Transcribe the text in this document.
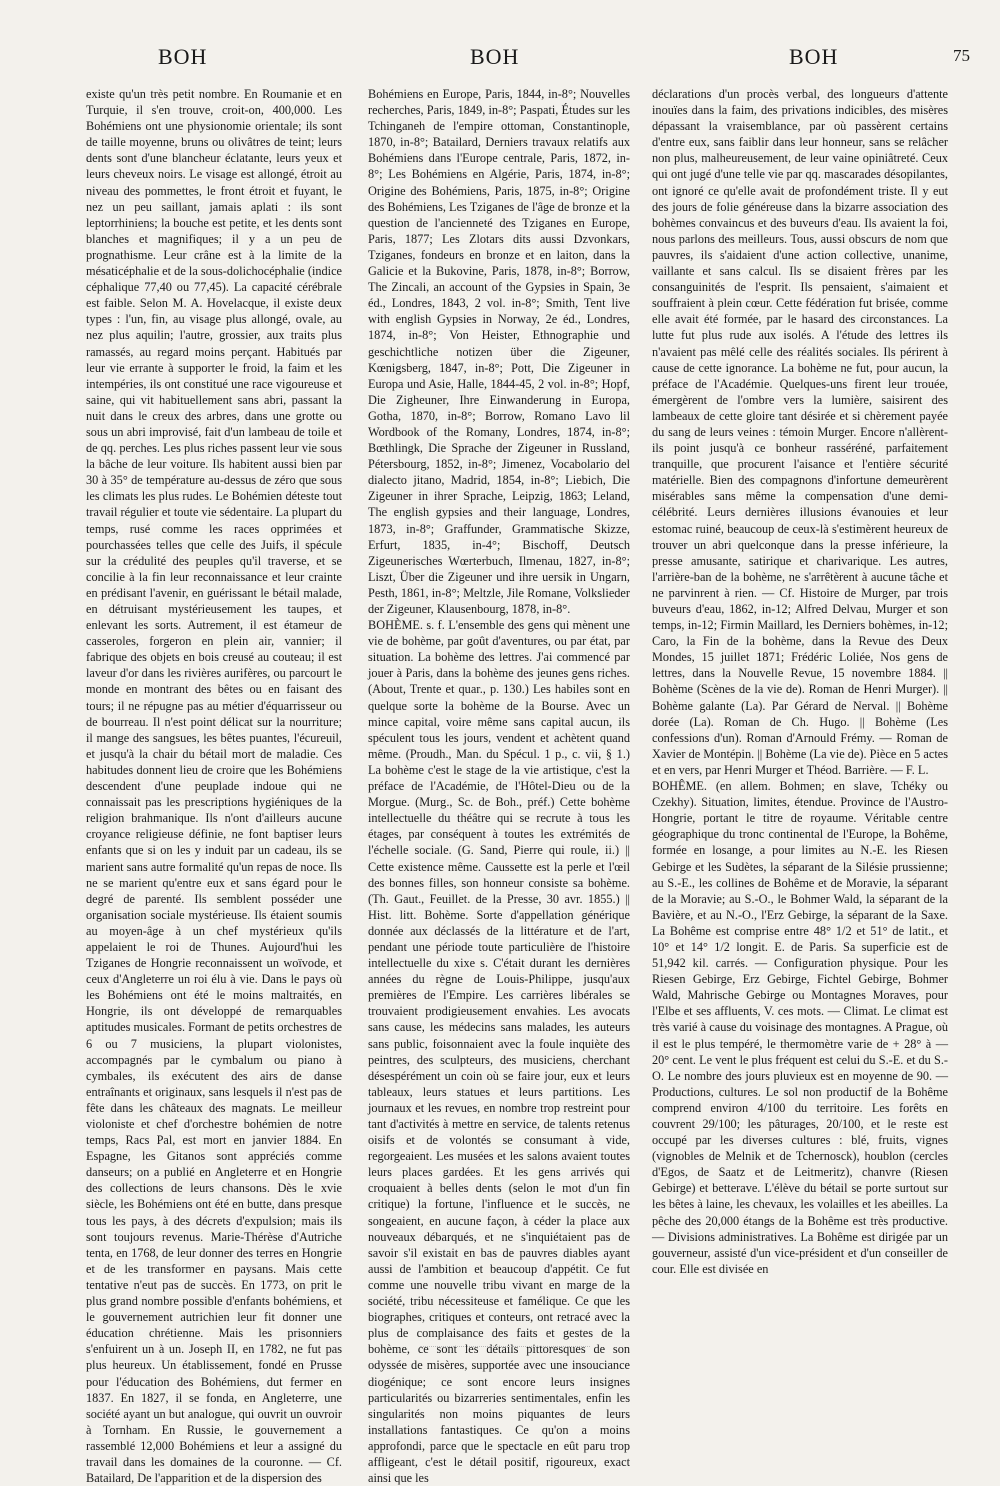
BOH	BOH	BOH	75

existe qu'un très petit nombre. En Roumanie et en Turquie, il s'en trouve, croit-on, 400,000. Les Bohémiens ont une physionomie orientale; ils sont de taille moyenne, bruns ou olivâtres de teint; leurs dents sont d'une blancheur éclatante, leurs yeux et leurs cheveux noirs. Le visage est allongé, étroit au niveau des pommettes, le front étroit et fuyant, le nez un peu saillant, jamais aplati : ils sont leptorrhiniens; la bouche est petite, et les dents sont blanches et magnifiques; il y a un peu de prognathisme. Leur crâne est à la limite de la mésaticéphalie et de la sous-dolichocéphalie (indice céphalique 77,40 ou 77,45). La capacité cérébrale est faible. Selon M. A. Hovelacque, il existe deux types : l'un, fin, au visage plus allongé, ovale, au nez plus aquilin; l'autre, grossier, aux traits plus ramassés, au regard moins perçant. Habitués par leur vie errante à supporter le froid, la faim et les intempéries, ils ont constitué une race vigoureuse et saine, qui vit habituellement sans abri, passant la nuit dans le creux des arbres, dans une grotte ou sous un abri improvisé, fait d'un lambeau de toile et de qq. perches. Les plus riches passent leur vie sous la bâche de leur voiture. Ils habitent aussi bien par 30 à 35° de température au-dessus de zéro que sous les climats les plus rudes. Le Bohémien déteste tout travail régulier et toute vie sédentaire. La plupart du temps, rusé comme les races opprimées et pourchassées telles que celle des Juifs, il spécule sur la crédulité des peuples qu'il traverse, et se concilie à la fin leur reconnaissance et leur crainte en prédisant l'avenir, en guérissant le bétail malade, en détruisant mystérieusement les taupes, et enlevant les sorts. Autrement, il est étameur de casseroles, forgeron en plein air, vannier; il fabrique des objets en bois creusé au couteau; il est laveur d'or dans les rivières aurifères, ou parcourt le monde en montrant des bêtes ou en faisant des tours; il ne répugne pas au métier d'équarrisseur ou de bourreau. Il n'est point délicat sur la nourriture; il mange des sangsues, les bêtes puantes, l'écureuil, et jusqu'à la chair du bétail mort de maladie. Ces habitudes donnent lieu de croire que les Bohémiens descendent d'une peuplade indoue qui ne connaissait pas les prescriptions hygiéniques de la religion brahmanique. Ils n'ont d'ailleurs aucune croyance religieuse définie, ne font baptiser leurs enfants que si on les y induit par un cadeau, ils se marient sans autre formalité qu'un repas de noce. Ils ne se marient qu'entre eux et sans égard pour le degré de parenté. Ils semblent posséder une organisation sociale mystérieuse. Ils étaient soumis au moyen-âge à un chef mystérieux qu'ils appelaient le roi de Thunes. Aujourd'hui les Tziganes de Hongrie reconnaissent un woïvode, et ceux d'Angleterre un roi élu à vie. Dans le pays où les Bohémiens ont été le moins maltraités, en Hongrie, ils ont développé de remarquables aptitudes musicales. Formant de petits orchestres de 6 ou 7 musiciens, la plupart violonistes, accompagnés par le cymbalum ou piano à cymbales, ils exécutent des airs de danse entraînants et originaux, sans lesquels il n'est pas de fête dans les châteaux des magnats. Le meilleur violoniste et chef d'orchestre bohémien de notre temps, Racs Pal, est mort en janvier 1884. En Espagne, les Gitanos sont appréciés comme danseurs; on a publié en Angleterre et en Hongrie des collections de leurs chansons. Dès le xvie siècle, les Bohémiens ont été en butte, dans presque tous les pays, à des décrets d'expulsion; mais ils sont toujours revenus. Marie-Thérèse d'Autriche tenta, en 1768, de leur donner des terres en Hongrie et de les transformer en paysans. Mais cette tentative n'eut pas de succès. En 1773, on prit le plus grand nombre possible d'enfants bohémiens, et le gouvernement autrichien leur fit donner une éducation chrétienne. Mais les prisonniers s'enfuirent un à un. Joseph II, en 1782, ne fut pas plus heureux. Un établissement, fondé en Prusse pour l'éducation des Bohémiens, dut fermer en 1837. En 1827, il se fonda, en Angleterre, une société ayant un but analogue, qui ouvrit un ouvroir à Tornham. En Russie, le gouvernement a rassemblé 12,000 Bohémiens et leur a assigné du travail dans les domaines de la couronne. — Cf. Batailard, De l'apparition et de la dispersion des

Bohémiens en Europe, Paris, 1844, in-8°; Nouvelles recherches, Paris, 1849, in-8°; Paspati, Études sur les Tchinganeh de l'empire ottoman, Constantinople, 1870, in-8°; Batailard, Derniers travaux relatifs aux Bohémiens dans l'Europe centrale, Paris, 1872, in-8°; Les Bohémiens en Algérie, Paris, 1874, in-8°; Origine des Bohémiens, Paris, 1875, in-8°; Origine des Bohémiens, Les Tziganes de l'âge de bronze et la question de l'ancienneté des Tziganes en Europe, Paris, 1877; Les Zlotars dits aussi Dzvonkars, Tziganes, fondeurs en bronze et en laiton, dans la Galicie et la Bukovine, Paris, 1878, in-8°; Borrow, The Zincali, an account of the Gypsies in Spain, 3e éd., Londres, 1843, 2 vol. in-8°; Smith, Tent live with english Gypsies in Norway, 2e éd., Londres, 1874, in-8°; Von Heister, Ethnographie und geschichtliche notizen über die Zigeuner, Kœnigsberg, 1847, in-8°; Pott, Die Zigeuner in Europa und Asie, Halle, 1844-45, 2 vol. in-8°; Hopf, Die Zigheuner, Ihre Einwanderung in Europa, Gotha, 1870, in-8°; Borrow, Romano Lavo lil Wordbook of the Romany, Londres, 1874, in-8°; Bœthlingk, Die Sprache der Zigeuner in Russland, Pétersbourg, 1852, in-8°; Jimenez, Vocabolario del dialecto jitano, Madrid, 1854, in-8°; Liebich, Die Zigeuner in ihrer Sprache, Leipzig, 1863; Leland, The english gypsies and their language, Londres, 1873, in-8°; Graffunder, Grammatische Skizze, Erfurt, 1835, in-4°; Bischoff, Deutsch Zigeunerisches Wœrterbuch, Ilmenau, 1827, in-8°; Liszt, Über die Zigeuner und ihre uersik in Ungarn, Pesth, 1861, in-8°; Meltzle, Jile Romane, Volkslieder der Zigeuner, Klausenbourg, 1878, in-8°.

BOHÈME. s. f. L'ensemble des gens qui mènent une vie de bohème, par goût d'aventures, ou par état, par situation. La bohème des lettres. J'ai commencé par jouer à Paris, dans la bohème des jeunes gens riches. (About, Trente et quar., p. 130.) Les habiles sont en quelque sorte la bohème de la Bourse. Avec un mince capital, voire même sans capital aucun, ils spéculent tous les jours, vendent et achètent quand même. (Proudh., Man. du Spécul. 1 p., c. vii, § 1.) La bohème c'est le stage de la vie artistique, c'est la préface de l'Académie, de l'Hôtel-Dieu ou de la Morgue. (Murg., Sc. de Boh., préf.) Cette bohème intellectuelle du théâtre qui se recrute à tous les étages, par conséquent à toutes les extrémités de l'échelle sociale. (G. Sand, Pierre qui roule, ii.) || Cette existence même. Caussette est la perle et l'œil des bonnes filles, son honneur consiste sa bohème. (Th. Gaut., Feuillet. de la Presse, 30 avr. 1855.) || Hist. litt. Bohème. Sorte d'appellation générique donnée aux déclassés de la littérature et de l'art, pendant une période toute particulière de l'histoire intellectuelle du xixe s. C'était durant les dernières années du règne de Louis-Philippe, jusqu'aux premières de l'Empire. Les carrières libérales se trouvaient prodigieusement envahies. Les avocats sans cause, les médecins sans malades, les auteurs sans public, foisonnaient avec la foule inquiète des peintres, des sculpteurs, des musiciens, cherchant désespérément un coin où se faire jour, eux et leurs tableaux, leurs statues et leurs partitions. Les journaux et les revues, en nombre trop restreint pour tant d'activités à mettre en service, de talents retenus oisifs et de volontés se consumant à vide, regorgeaient. Les musées et les salons avaient toutes leurs places gardées. Et les gens arrivés qui croquaient à belles dents (selon le mot d'un fin critique) la fortune, l'influence et le succès, ne songeaient, en aucune façon, à céder la place aux nouveaux débarqués, et ne s'inquiétaient pas de savoir s'il existait en bas de pauvres diables ayant aussi de l'ambition et beaucoup d'appétit. Ce fut comme une nouvelle tribu vivant en marge de la société, tribu nécessiteuse et famélique. Ce que les biographes, critiques et conteurs, ont retracé avec la plus de complaisance des faits et gestes de la bohème, ce sont les détails pittoresques de son odyssée de misères, supportée avec une insouciance diogénique; ce sont encore leurs insignes particularités ou bizarreries sentimentales, enfin les singularités non moins piquantes de leurs installations fantastiques. Ce qu'on a moins approfondi, parce que le spectacle en eût paru trop affligeant, c'est le détail positif, rigoureux, exact ainsi que les

déclarations d'un procès verbal, des longueurs d'attente inouïes dans la faim, des privations indicibles, des misères dépassant la vraisemblance, par où passèrent certains d'entre eux, sans faiblir dans leur honneur, sans se relâcher non plus, malheureusement, de leur vaine opiniâtreté. Ceux qui ont jugé d'une telle vie par qq. mascarades désopilantes, ont ignoré ce qu'elle avait de profondément triste. Il y eut des jours de folie généreuse dans la bizarre association des bohèmes convaincus et des buveurs d'eau. Ils avaient la foi, nous parlons des meilleurs. Tous, aussi obscurs de nom que pauvres, ils s'aidaient d'une action collective, unanime, vaillante et sans calcul. Ils se disaient frères par les consanguinités de l'esprit. Ils pensaient, s'aimaient et souffraient à plein cœur. Cette fédération fut brisée, comme elle avait été formée, par le hasard des circonstances. La lutte fut plus rude aux isolés. A l'étude des lettres ils n'avaient pas mêlé celle des réalités sociales. Ils périrent à cause de cette ignorance. La bohème ne fut, pour aucun, la préface de l'Académie. Quelques-uns firent leur trouée, émergèrent de l'ombre vers la lumière, saisirent des lambeaux de cette gloire tant désirée et si chèrement payée du sang de leurs veines : témoin Murger. Encore n'allèrent-ils point jusqu'à ce bonheur rasséréné, parfaitement tranquille, que procurent l'aisance et l'entière sécurité matérielle. Bien des compagnons d'infortune demeurèrent misérables sans même la compensation d'une demi-célébrité. Leurs dernières illusions évanouies et leur estomac ruiné, beaucoup de ceux-là s'estimèrent heureux de trouver un abri quelconque dans la presse inférieure, la presse amusante, satirique et charivarique. Les autres, l'arrière-ban de la bohème, ne s'arrêtèrent à aucune tâche et ne parvinrent à rien. — Cf. Histoire de Murger, par trois buveurs d'eau, 1862, in-12; Alfred Delvau, Murger et son temps, in-12; Firmin Maillard, les Derniers bohèmes, in-12; Caro, la Fin de la bohème, dans la Revue des Deux Mondes, 15 juillet 1871; Frédéric Loliée, Nos gens de lettres, dans la Nouvelle Revue, 15 novembre 1884. || Bohème (Scènes de la vie de). Roman de Henri Murger). || Bohème galante (La). Par Gérard de Nerval. || Bohème dorée (La). Roman de Ch. Hugo. || Bohème (Les confessions d'un). Roman d'Arnould Frémy. — Roman de Xavier de Montépin. || Bohème (La vie de). Pièce en 5 actes et en vers, par Henri Murger et Théod. Barrière. — F. L.

BOHÊME. (en allem. Bohmen; en slave, Tchéky ou Czekhy). Situation, limites, étendue. Province de l'Austro-Hongrie, portant le titre de royaume. Véritable centre géographique du tronc continental de l'Europe, la Bohême, formée en losange, a pour limites au N.-E. les Riesen Gebirge et les Sudètes, la séparant de la Silésie prussienne; au S.-E., les collines de Bohême et de Moravie, la séparant de la Moravie; au S.-O., le Bohmer Wald, la séparant de la Bavière, et au N.-O., l'Erz Gebirge, la séparant de la Saxe. La Bohême est comprise entre 48° 1/2 et 51° de latit., et 10° et 14° 1/2 longit. E. de Paris. Sa superficie est de 51,942 kil. carrés. — Configuration physique. Pour les Riesen Gebirge, Erz Gebirge, Fichtel Gebirge, Bohmer Wald, Mahrische Gebirge ou Montagnes Moraves, pour l'Elbe et ses affluents, V. ces mots. — Climat. Le climat est très varié à cause du voisinage des montagnes. A Prague, où il est le plus tempéré, le thermomètre varie de + 28° à — 20° cent. Le vent le plus fréquent est celui du S.-E. et du S.-O. Le nombre des jours pluvieux est en moyenne de 90. — Productions, cultures. Le sol non productif de la Bohême comprend environ 4/100 du territoire. Les forêts en couvrent 29/100; les pâturages, 20/100, et le reste est occupé par les diverses cultures : blé, fruits, vignes (vignobles de Melnik et de Tchernosck), houblon (cercles d'Egos, de Saatz et de Leitmeritz), chanvre (Riesen Gebirge) et betterave. L'élève du bétail se porte surtout sur les bêtes à laine, les chevaux, les volailles et les abeilles. La pêche des 20,000 étangs de la Bohême est très productive. — Divisions administratives. La Bohême est dirigée par un gouverneur, assisté d'un vice-président et d'un conseiller de cour. Elle est divisée en
